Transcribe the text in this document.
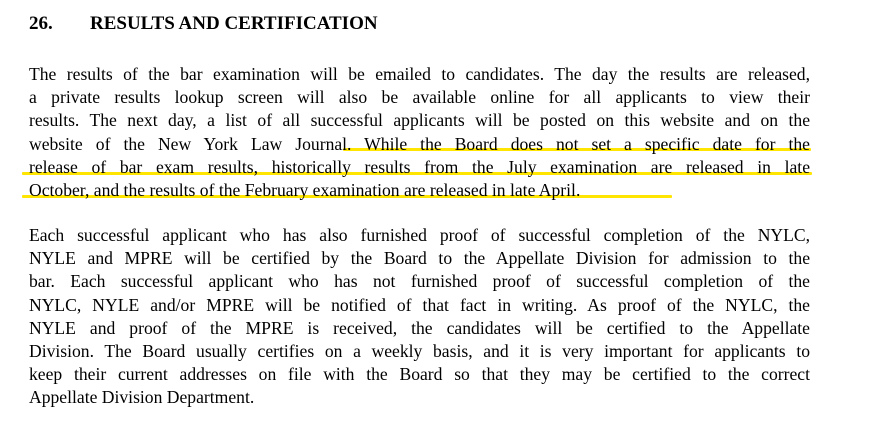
26. RESULTS AND CERTIFICATION
The results of the bar examination will be emailed to candidates. The day the results are released,
a private results lookup screen will also be available online for all applicants to view their
results. The next day, a list of all successful applicants will be posted on this website and on the
website of the New York Law Journal. While the Board does not set a specific date for the
release of bar exam results, historically results from the July examination are released in late
October, and the results of the February examination are released in late April.
Each successful applicant who has also furnished proof of successful completion of the NYLC,
NYLE and MPRE will be certified by the Board to the Appellate Division for admission to the
bar. Each successful applicant who has not furnished proof of successful completion of the
NYLC, NYLE and/or MPRE will be notified of that fact in writing. As proof of the NYLC, the
NYLE and proof of the MPRE is received, the candidates will be certified to the Appellate
Division. The Board usually certifies on a weekly basis, and it is very important for applicants to
keep their current addresses on file with the Board so that they may be certified to the correct
Appellate Division Department.
